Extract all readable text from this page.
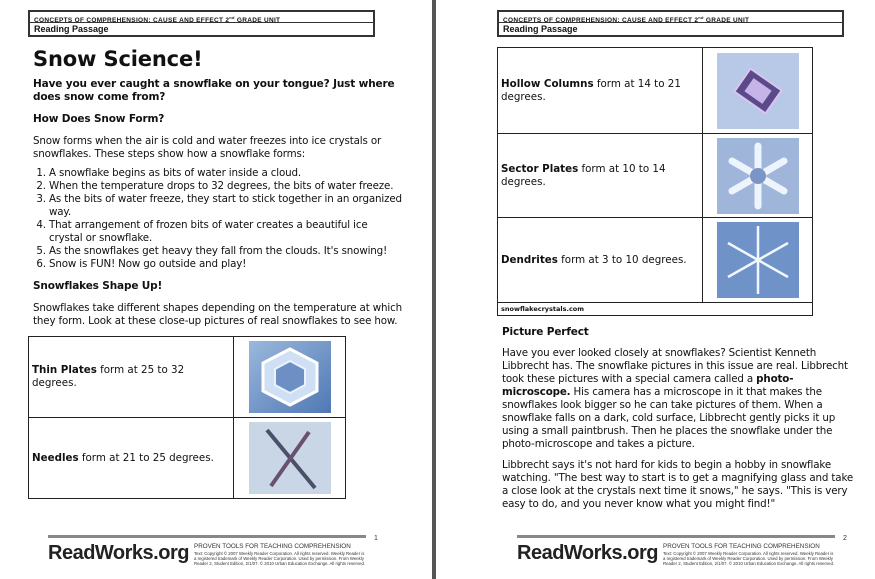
CONCEPTS OF COMPREHENSION: CAUSE AND EFFECT 2nd GRADE UNIT
Reading Passage
Snow Science!
Have you ever caught a snowflake on your tongue? Just where does snow come from?
How Does Snow Form?
Snow forms when the air is cold and water freezes into ice crystals or snowflakes. These steps show how a snowflake forms:
1. A snowflake begins as bits of water inside a cloud.
2. When the temperature drops to 32 degrees, the bits of water freeze.
3. As the bits of water freeze, they start to stick together in an organized way.
4. That arrangement of frozen bits of water creates a beautiful ice crystal or snowflake.
5. As the snowflakes get heavy they fall from the clouds. It's snowing!
6. Snow is FUN! Now go outside and play!
Snowflakes Shape Up!
Snowflakes take different shapes depending on the temperature at which they form. Look at these close-up pictures of real snowflakes to see how.
Thin Plates form at 25 to 32 degrees.	

Needles form at 21 to 25 degrees.	
ReadWorks.org PROVEN TOOLS FOR TEACHING COMPREHENSION
Text: Copyright © 2007 Weekly Reader Corporation. All rights reserved. Weekly Reader is a registered trademark of Weekly Reader Corporation. Used by permission. From Weekly Reader 2, Student Edition, 2/1/07. © 2010 Urban Education Exchange. All rights reserved.
1
CONCEPTS OF COMPREHENSION: CAUSE AND EFFECT 2nd GRADE UNIT
Reading Passage
Hollow Columns form at 14 to 21 degrees.	

Sector Plates form at 10 to 14 degrees.	

Dendrites form at 3 to 10 degrees.	

snowflakecrystals.com	
Picture Perfect
Have you ever looked closely at snowflakes? Scientist Kenneth Libbrecht has. The snowflake pictures in this issue are real. Libbrecht took these pictures with a special camera called a photo-microscope. His camera has a microscope in it that makes the snowflakes look bigger so he can take pictures of them. When a snowflake falls on a dark, cold surface, Libbrecht gently picks it up using a small paintbrush. Then he places the snowflake under the photo-microscope and takes a picture.
Libbrecht says it's not hard for kids to begin a hobby in snowflake watching. "The best way to start is to get a magnifying glass and take a close look at the crystals next time it snows," he says. "This is very easy to do, and you never know what you might find!"
ReadWorks.org PROVEN TOOLS FOR TEACHING COMPREHENSION
Text: Copyright © 2007 Weekly Reader Corporation. All rights reserved. Weekly Reader is a registered trademark of Weekly Reader Corporation. Used by permission. From Weekly Reader 2, Student Edition, 2/1/07. © 2010 Urban Education Exchange. All rights reserved.
2
